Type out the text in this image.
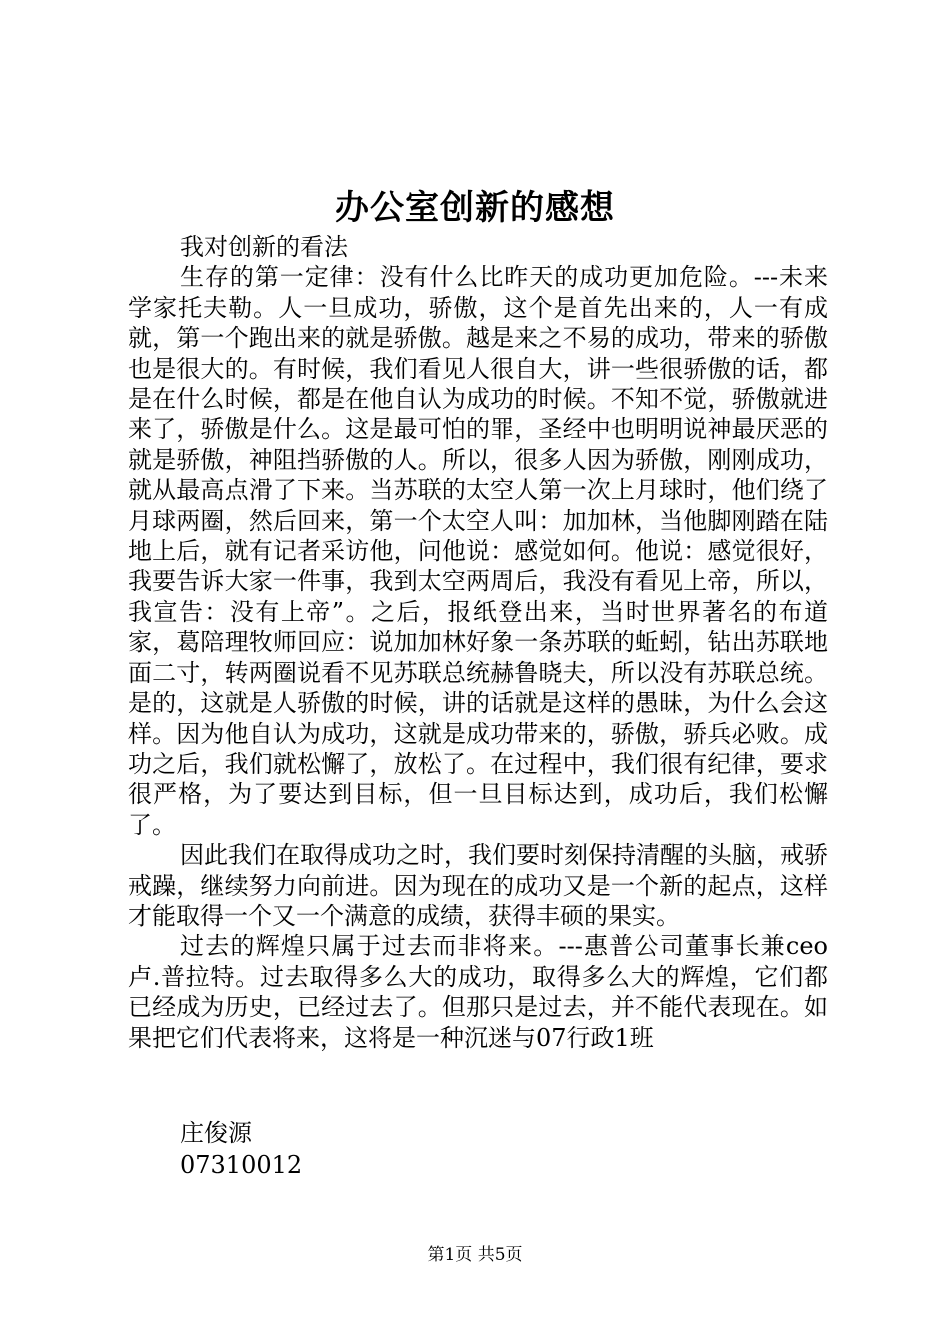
办公室创新的感想

我对创新的看法

生存的第一定律：没有什么比昨天的成功更加危险。---未来学家托夫勒。人一旦成功，骄傲，这个是首先出来的，人一有成就，第一个跑出来的就是骄傲。越是来之不易的成功，带来的骄傲也是很大的。有时候，我们看见人很自大，讲一些很骄傲的话，都是在什么时候，都是在他自认为成功的时候。不知不觉，骄傲就进来了，骄傲是什么。这是最可怕的罪，圣经中也明明说神最厌恶的就是骄傲，神阻挡骄傲的人。所以，很多人因为骄傲，刚刚成功，就从最高点滑了下来。当苏联的太空人第一次上月球时，他们绕了月球两圈，然后回来，第一个太空人叫：加加林，当他脚刚踏在陆地上后，就有记者采访他，问他说：感觉如何。他说：感觉很好，我要告诉大家一件事，我到太空两周后，我没有看见上帝，所以，我宣告：没有上帝”。之后，报纸登出来，当时世界著名的布道家，葛陪理牧师回应：说加加林好象一条苏联的蚯蚓，钻出苏联地面二寸，转两圈说看不见苏联总统赫鲁晓夫，所以没有苏联总统。是的，这就是人骄傲的时候，讲的话就是这样的愚昧，为什么会这样。因为他自认为成功，这就是成功带来的，骄傲，骄兵必败。成功之后，我们就松懈了，放松了。在过程中，我们很有纪律，要求很严格，为了要达到目标，但一旦目标达到，成功后，我们松懈了。

因此我们在取得成功之时，我们要时刻保持清醒的头脑，戒骄戒躁，继续努力向前进。因为现在的成功又是一个新的起点，这样才能取得一个又一个满意的成绩，获得丰硕的果实。

过去的辉煌只属于过去而非将来。---惠普公司董事长兼ceo卢.普拉特。过去取得多么大的成功，取得多么大的辉煌，它们都已经成为历史，已经过去了。但那只是过去，并不能代表现在。如果把它们代表将来，这将是一种沉迷与07行政1班

庄俊源
07310012
第1页 共5页
